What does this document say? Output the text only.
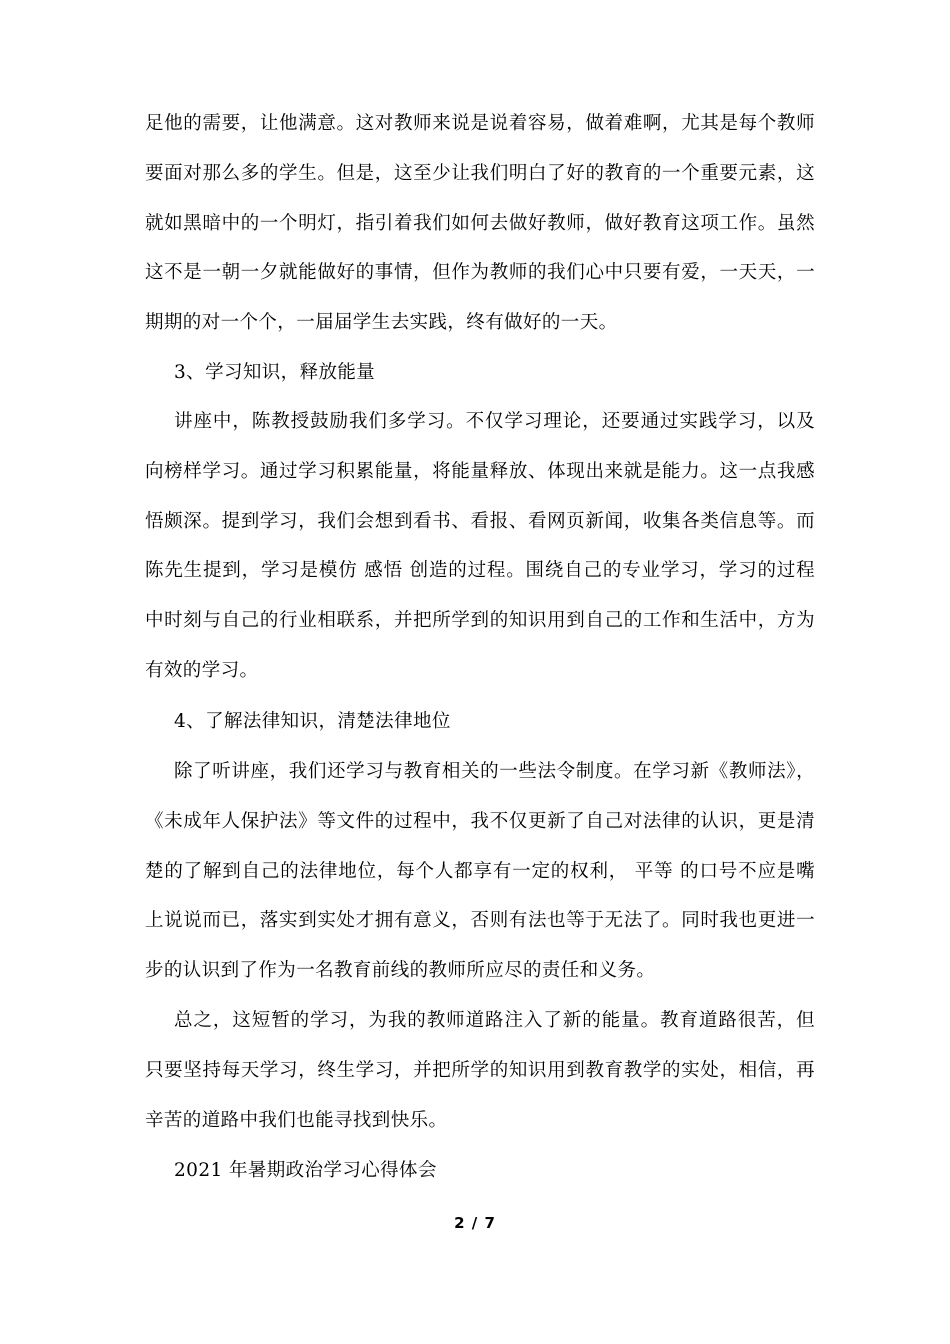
足他的需要，让他满意。这对教师来说是说着容易，做着难啊，尤其是每个教师要面对那么多的学生。但是，这至少让我们明白了好的教育的一个重要元素，这就如黑暗中的一个明灯，指引着我们如何去做好教师，做好教育这项工作。虽然这不是一朝一夕就能做好的事情，但作为教师的我们心中只要有爱，一天天，一期期的对一个个，一届届学生去实践，终有做好的一天。

3、学习知识，释放能量

讲座中，陈教授鼓励我们多学习。不仅学习理论，还要通过实践学习，以及向榜样学习。通过学习积累能量，将能量释放、体现出来就是能力。这一点我感悟颇深。提到学习，我们会想到看书、看报、看网页新闻，收集各类信息等。而陈先生提到，学习是模仿 感悟 创造的过程。围绕自己的专业学习，学习的过程中时刻与自己的行业相联系，并把所学到的知识用到自己的工作和生活中，方为有效的学习。

4、了解法律知识，清楚法律地位

除了听讲座，我们还学习与教育相关的一些法令制度。在学习新《教师法》，《未成年人保护法》等文件的过程中，我不仅更新了自己对法律的认识，更是清楚的了解到自己的法律地位，每个人都享有一定的权利， 平等 的口号不应是嘴上说说而已，落实到实处才拥有意义，否则有法也等于无法了。同时我也更进一步的认识到了作为一名教育前线的教师所应尽的责任和义务。

总之，这短暂的学习，为我的教师道路注入了新的能量。教育道路很苦，但只要坚持每天学习，终生学习，并把所学的知识用到教育教学的实处，相信，再辛苦的道路中我们也能寻找到快乐。

2021 年暑期政治学习心得体会

2 / 7
